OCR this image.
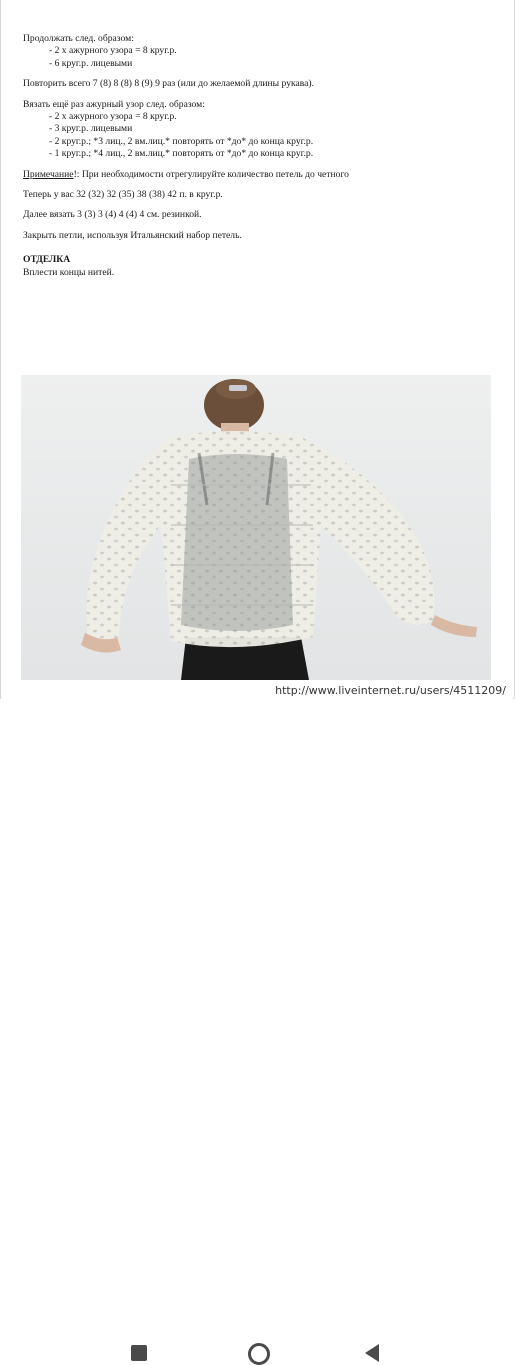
Продолжать след. образом:
- 2 х ажурного узора = 8 круг.р.
- 6 круг.р. лицевыми
Повторить всего 7 (8) 8 (8) 8 (9) 9 раз (или до желаемой длины рукава).
Вязать ещё раз ажурный узор след. образом:
- 2 х ажурного узора = 8 круг.р.
- 3 круг.р. лицевыми
- 2 круг.р.; *3 лиц., 2 вм.лиц.* повторять от *до* до конца круг.р.
- 1 круг.р.; *4 лиц., 2 вм.лиц.* повторять от *до* до конца круг.р.
Примечание!: При необходимости отрегулируйте количество петель до четного
Теперь у вас 32 (32) 32 (35) 38 (38) 42 п. в круг.р.
Далее вязать 3 (3) 3 (4) 4 (4) 4 см. резинкой.
Закрыть петли, используя Итальянский набор петель.
ОТДЕЛКА
Вплести концы нитей.
http://www.liveinternet.ru/users/4511209/
